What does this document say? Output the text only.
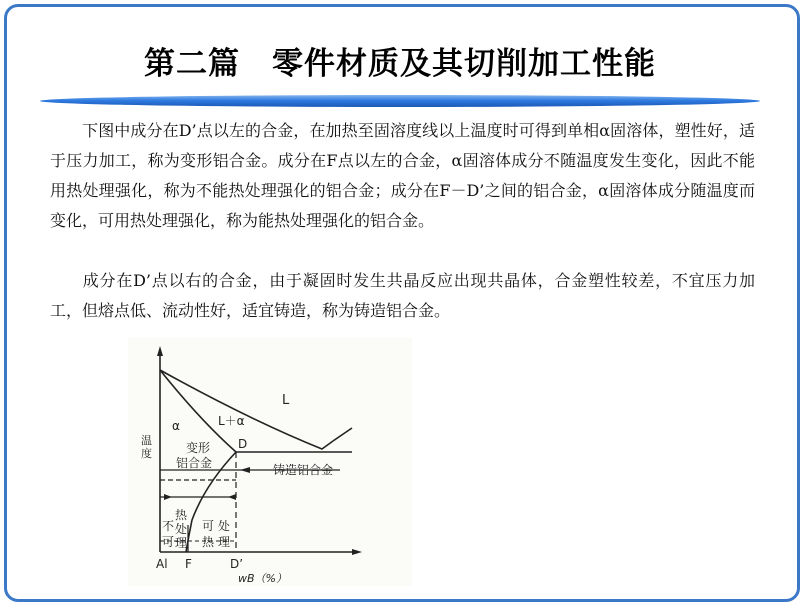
第二篇　零件材质及其切削加工性能
下图中成分在D’点以左的合金，在加热至固溶度线以上温度时可得到单相α固溶体，塑性好，适于压力加工，称为变形铝合金。成分在F点以左的合金，α固溶体成分不随温度发生变化，因此不能用热处理强化，称为不能热处理强化的铝合金；成分在F－D’之间的铝合金，α固溶体成分随温度而变化，可用热处理强化，称为能热处理强化的铝合金。
成分在D’点以右的合金，由于凝固时发生共晶反应出现共晶体，合金塑性较差，不宜压力加工，但熔点低、流动性好，适宜铸造，称为铸造铝合金。
L
L＋α
α
变形
铝合金
D
铸造铝合金
温
度
不
可
热
处
理
可
热
处
理
Al F	D’
wB（%）
